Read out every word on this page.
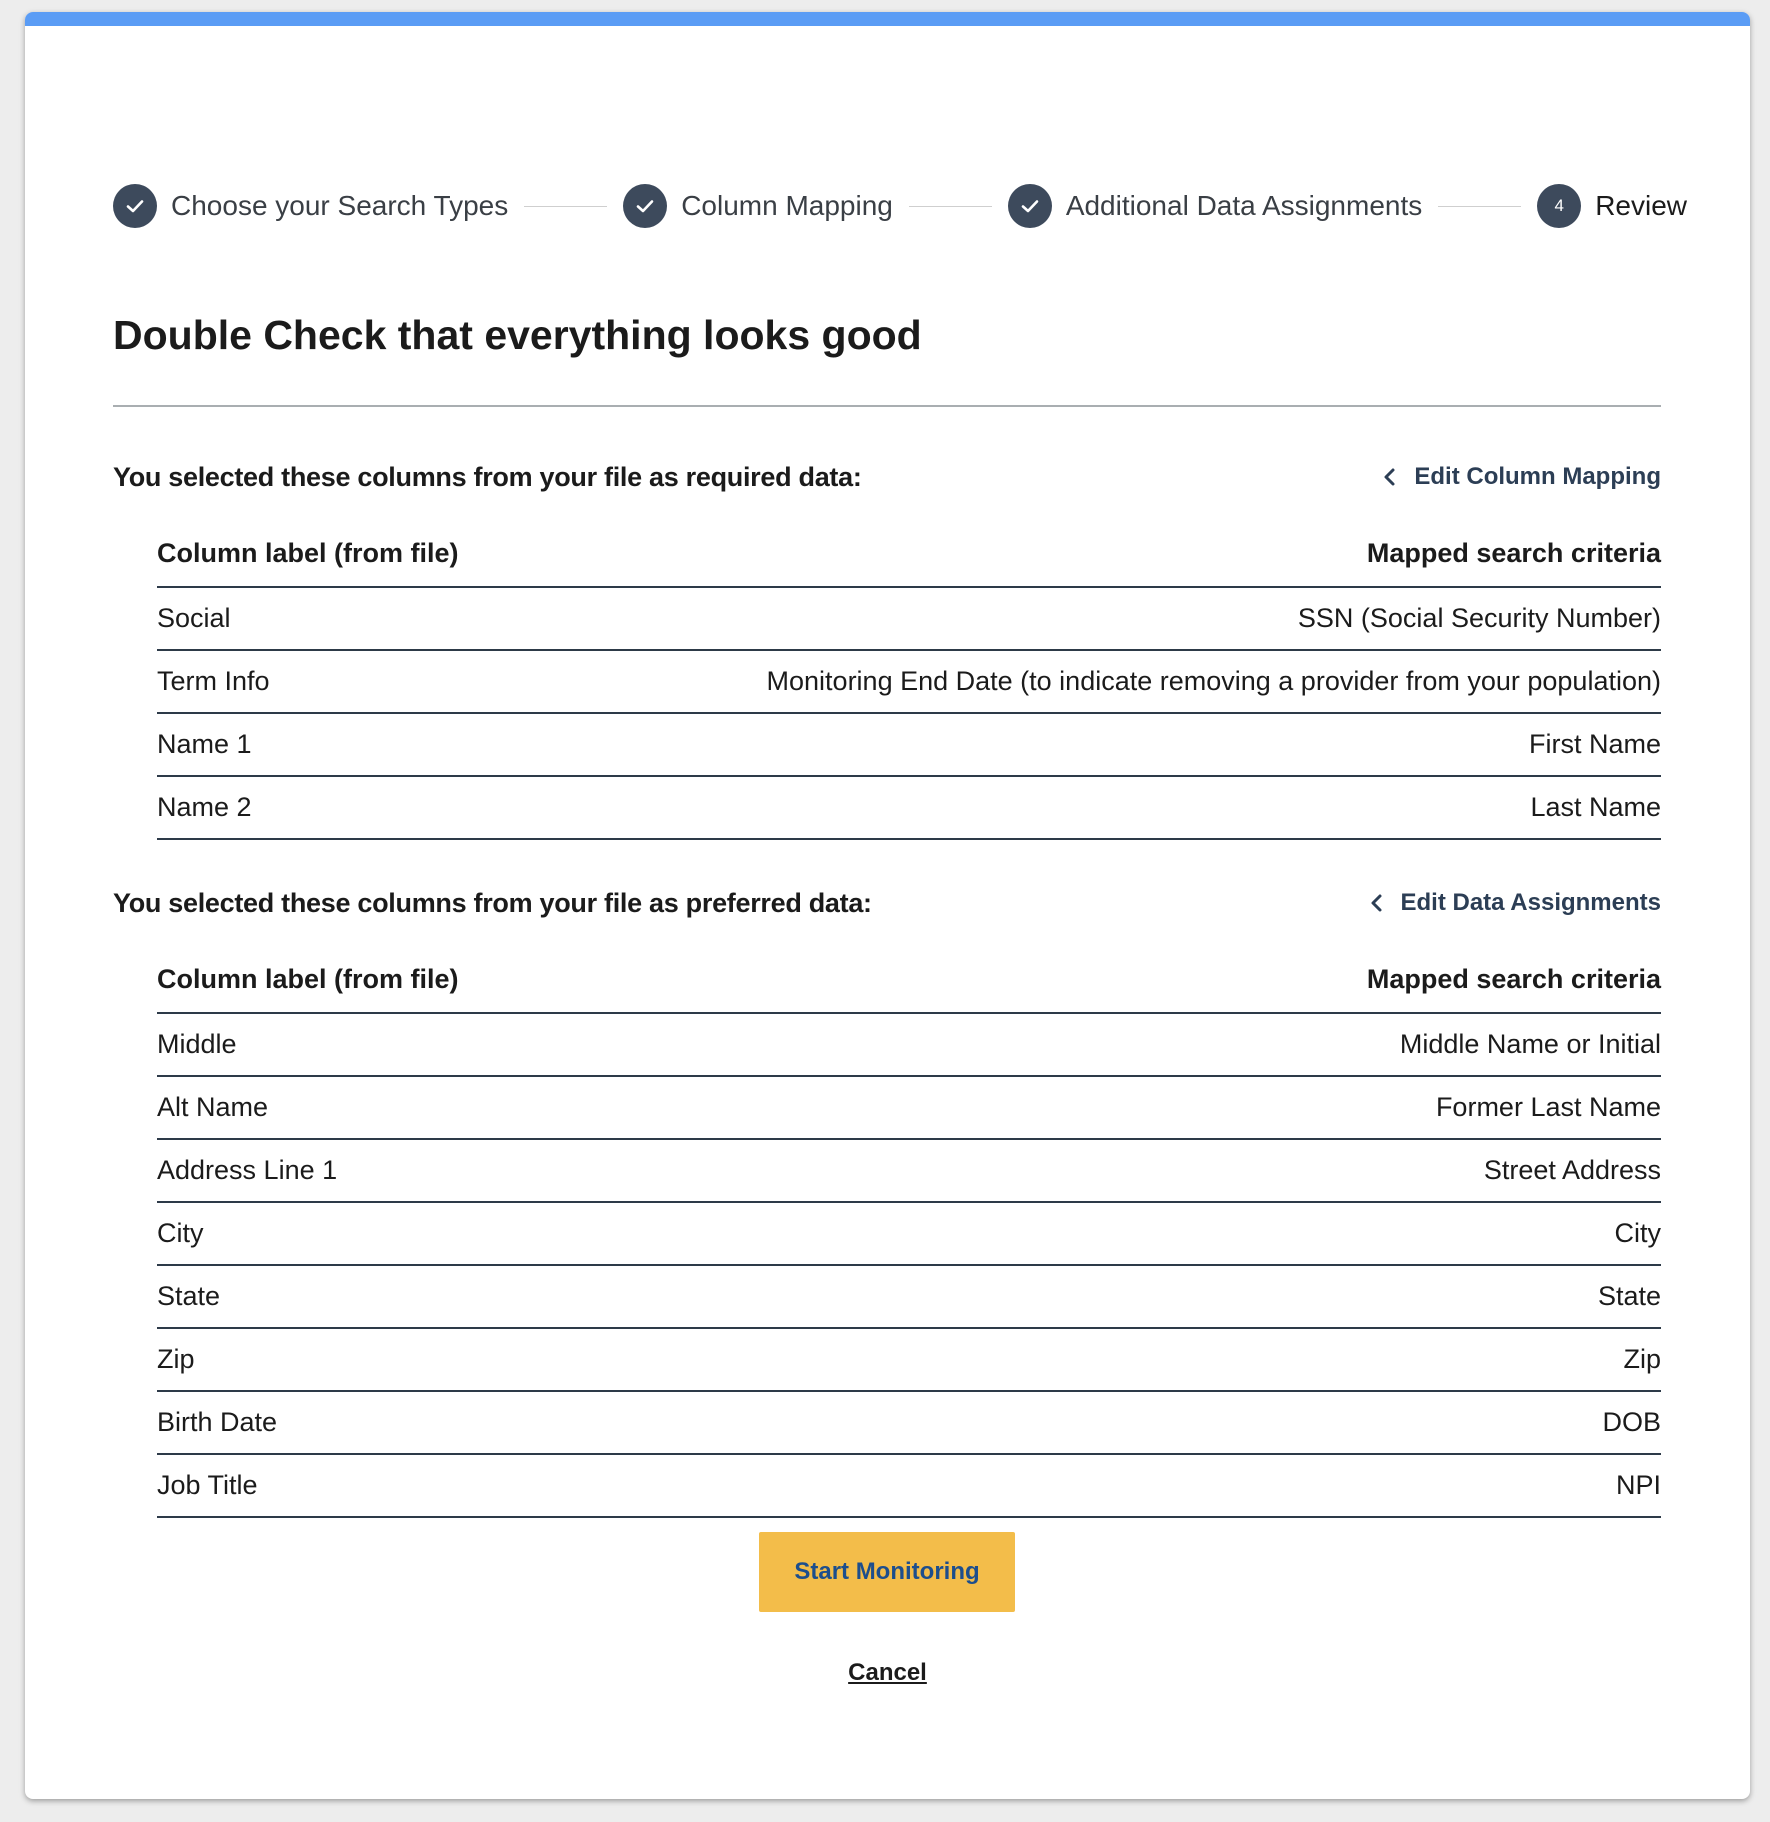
Choose your Search Types	Column Mapping	Additional Data Assignments	4	Review
Double Check that everything looks good
You selected these columns from your file as required data:	Edit Column Mapping
Column label (from file)	Mapped search criteria
Social	SSN (Social Security Number)
Term Info	Monitoring End Date (to indicate removing a provider from your population)
Name 1	First Name
Name 2	Last Name
You selected these columns from your file as preferred data:	Edit Data Assignments
Column label (from file)	Mapped search criteria
Middle	Middle Name or Initial
Alt Name	Former Last Name
Address Line 1	Street Address
City	City
State	State
Zip	Zip
Birth Date	DOB
Job Title	NPI
Start Monitoring
Cancel
